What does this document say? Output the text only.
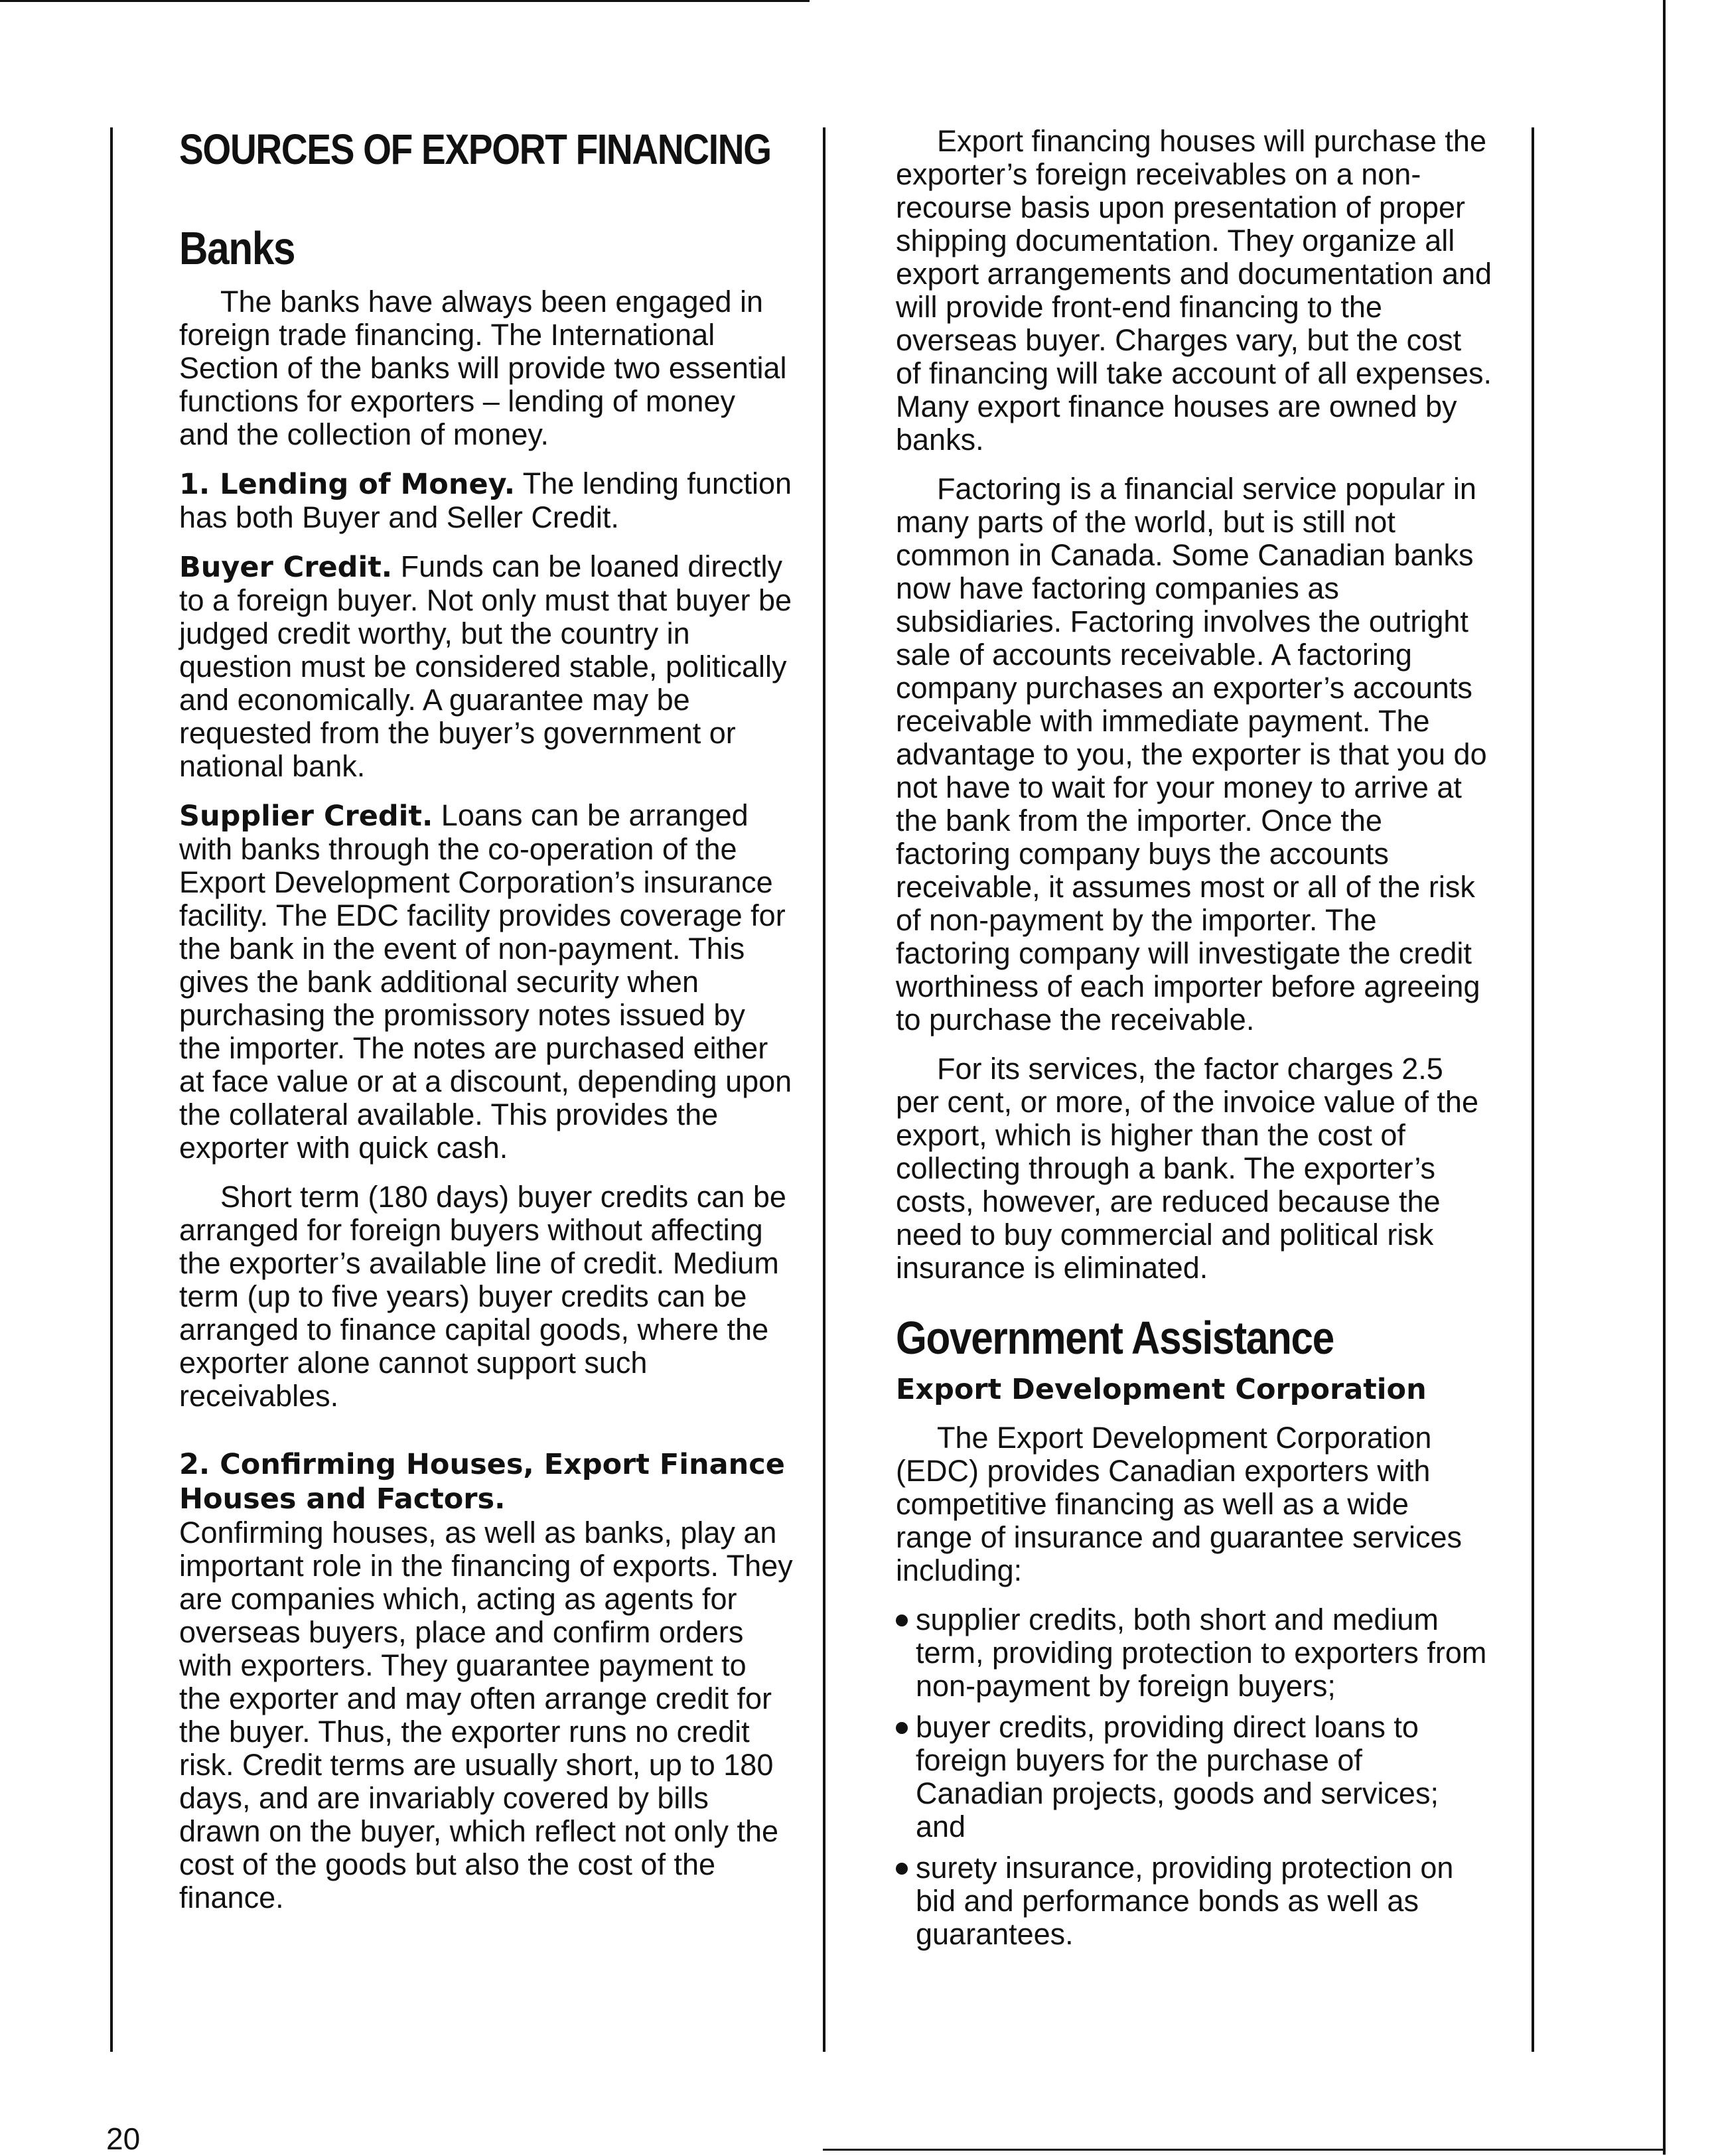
SOURCES OF EXPORT FINANCING
Banks

The banks have always been engaged in foreign trade financing. The International Section of the banks will provide two essential functions for exporters – lending of money and the collection of money.

1. Lending of Money. The lending function has both Buyer and Seller Credit.

Buyer Credit. Funds can be loaned directly to a foreign buyer. Not only must that buyer be judged credit worthy, but the country in question must be considered stable, politically and economically. A guarantee may be requested from the buyer’s government or national bank.

Supplier Credit. Loans can be arranged with banks through the co-operation of the Export Development Corporation’s insurance facility. The EDC facility provides coverage for the bank in the event of non-payment. This gives the bank additional security when purchasing the promissory notes issued by the importer. The notes are purchased either at face value or at a discount, depending upon the collateral available. This provides the exporter with quick cash.

Short term (180 days) buyer credits can be arranged for foreign buyers without affecting the exporter’s available line of credit. Medium term (up to five years) buyer credits can be arranged to finance capital goods, where the exporter alone cannot support such receivables.

2. Confirming Houses, Export Finance Houses and Factors.

Confirming houses, as well as banks, play an important role in the financing of exports. They are companies which, acting as agents for overseas buyers, place and confirm orders with exporters. They guarantee payment to the exporter and may often arrange credit for the buyer. Thus, the exporter runs no credit risk. Credit terms are usually short, up to 180 days, and are invariably covered by bills drawn on the buyer, which reflect not only the cost of the goods but also the cost of the finance.

Export financing houses will purchase the exporter’s foreign receivables on a non-recourse basis upon presentation of proper shipping documentation. They organize all export arrangements and documentation and will provide front-end financing to the overseas buyer. Charges vary, but the cost of financing will take account of all expenses. Many export finance houses are owned by banks.

Factoring is a financial service popular in many parts of the world, but is still not common in Canada. Some Canadian banks now have factoring companies as subsidiaries. Factoring involves the outright sale of accounts receivable. A factoring company purchases an exporter’s accounts receivable with immediate payment. The advantage to you, the exporter is that you do not have to wait for your money to arrive at the bank from the importer. Once the factoring company buys the accounts receivable, it assumes most or all of the risk of non-payment by the importer. The factoring company will investigate the credit worthiness of each importer before agreeing to purchase the receivable.

For its services, the factor charges 2.5 per cent, or more, of the invoice value of the export, which is higher than the cost of collecting through a bank. The exporter’s costs, however, are reduced because the need to buy commercial and political risk insurance is eliminated.

Government Assistance
Export Development Corporation

The Export Development Corporation (EDC) provides Canadian exporters with competitive financing as well as a wide range of insurance and guarantee services including:

supplier credits, both short and medium term, providing protection to exporters from non-payment by foreign buyers;
buyer credits, providing direct loans to foreign buyers for the purchase of Canadian projects, goods and services; and
surety insurance, providing protection on bid and performance bonds as well as guarantees.
20
